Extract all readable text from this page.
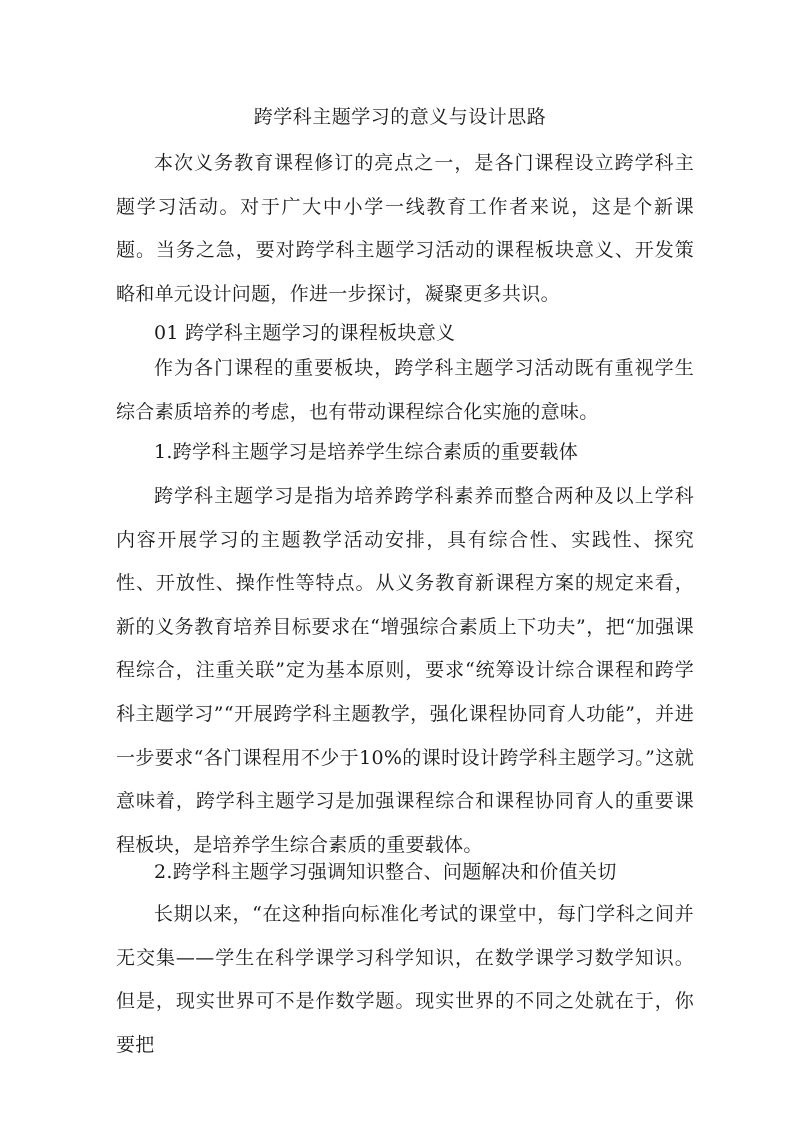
跨学科主题学习的意义与设计思路

本次义务教育课程修订的亮点之一，是各门课程设立跨学科主题学习活动。对于广大中小学一线教育工作者来说，这是个新课题。当务之急，要对跨学科主题学习活动的课程板块意义、开发策略和单元设计问题，作进一步探讨，凝聚更多共识。

01 跨学科主题学习的课程板块意义

作为各门课程的重要板块，跨学科主题学习活动既有重视学生综合素质培养的考虑，也有带动课程综合化实施的意味。

1.跨学科主题学习是培养学生综合素质的重要载体

跨学科主题学习是指为培养跨学科素养而整合两种及以上学科内容开展学习的主题教学活动安排，具有综合性、实践性、探究性、开放性、操作性等特点。从义务教育新课程方案的规定来看，新的义务教育培养目标要求在“增强综合素质上下功夫”，把“加强课程综合，注重关联”定为基本原则，要求“统筹设计综合课程和跨学科主题学习”“开展跨学科主题教学，强化课程协同育人功能”，并进一步要求“各门课程用不少于10%的课时设计跨学科主题学习。”这就意味着，跨学科主题学习是加强课程综合和课程协同育人的重要课程板块，是培养学生综合素质的重要载体。

2.跨学科主题学习强调知识整合、问题解决和价值关切

长期以来，“在这种指向标准化考试的课堂中，每门学科之间并无交集——学生在科学课学习科学知识，在数学课学习数学知识。但是，现实世界可不是作数学题。现实世界的不同之处就在于，你要把
